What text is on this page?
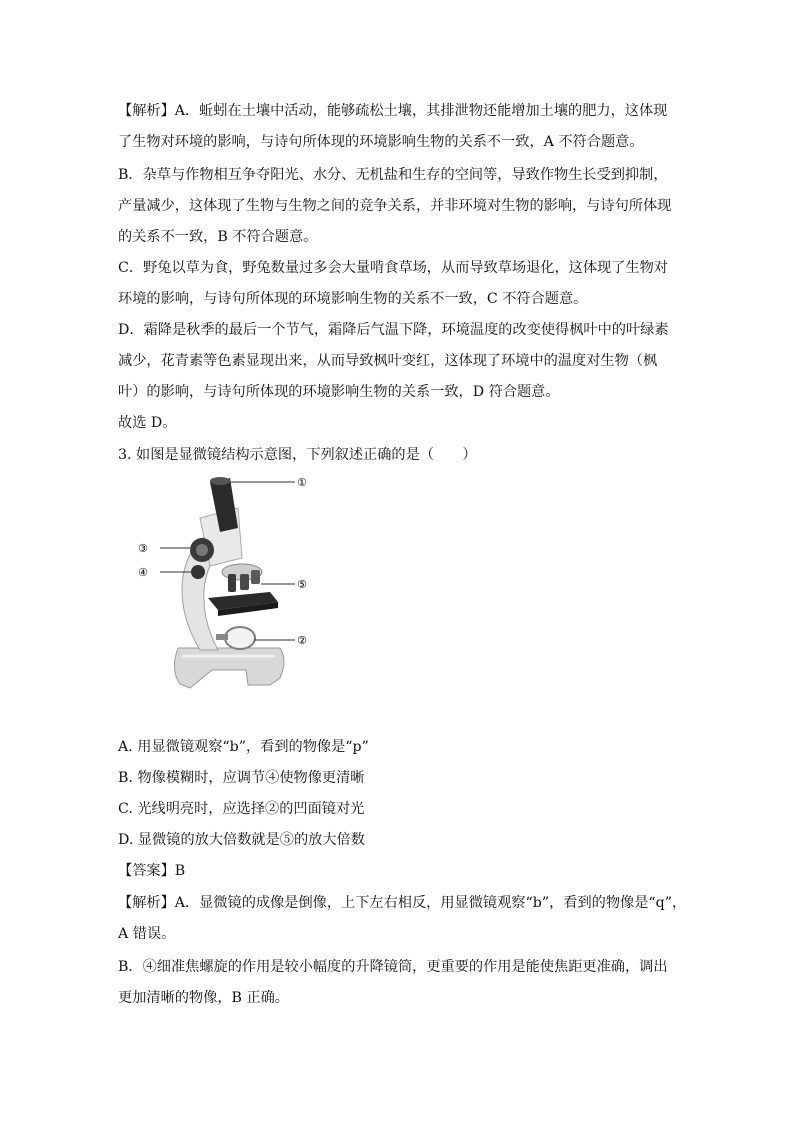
【解析】A．蚯蚓在土壤中活动，能够疏松土壤，其排泄物还能增加土壤的肥力，这体现
了生物对环境的影响，与诗句所体现的环境影响生物的关系不一致，A 不符合题意。
B．杂草与作物相互争夺阳光、水分、无机盐和生存的空间等，导致作物生长受到抑制，
产量减少，这体现了生物与生物之间的竞争关系，并非环境对生物的影响，与诗句所体现
的关系不一致，B 不符合题意。
C．野兔以草为食，野兔数量过多会大量啃食草场，从而导致草场退化，这体现了生物对
环境的影响，与诗句所体现的环境影响生物的关系不一致，C 不符合题意。
D．霜降是秋季的最后一个节气，霜降后气温下降，环境温度的改变使得枫叶中的叶绿素
减少，花青素等色素显现出来，从而导致枫叶变红，这体现了环境中的温度对生物（枫
叶）的影响，与诗句所体现的环境影响生物的关系一致，D 符合题意。
故选 D。
3. 如图是显微镜结构示意图，下列叙述正确的是（　　）
①
③
④
⑤
②
A. 用显微镜观察“b”，看到的物像是“p”
B. 物像模糊时，应调节④使物像更清晰
C. 光线明亮时，应选择②的凹面镜对光
D. 显微镜的放大倍数就是⑤的放大倍数
【答案】B
【解析】A．显微镜的成像是倒像，上下左右相反，用显微镜观察“b”，看到的物像是“q”，
A 错误。
B．④细准焦螺旋的作用是较小幅度的升降镜筒，更重要的作用是能使焦距更准确，调出
更加清晰的物像，B 正确。
